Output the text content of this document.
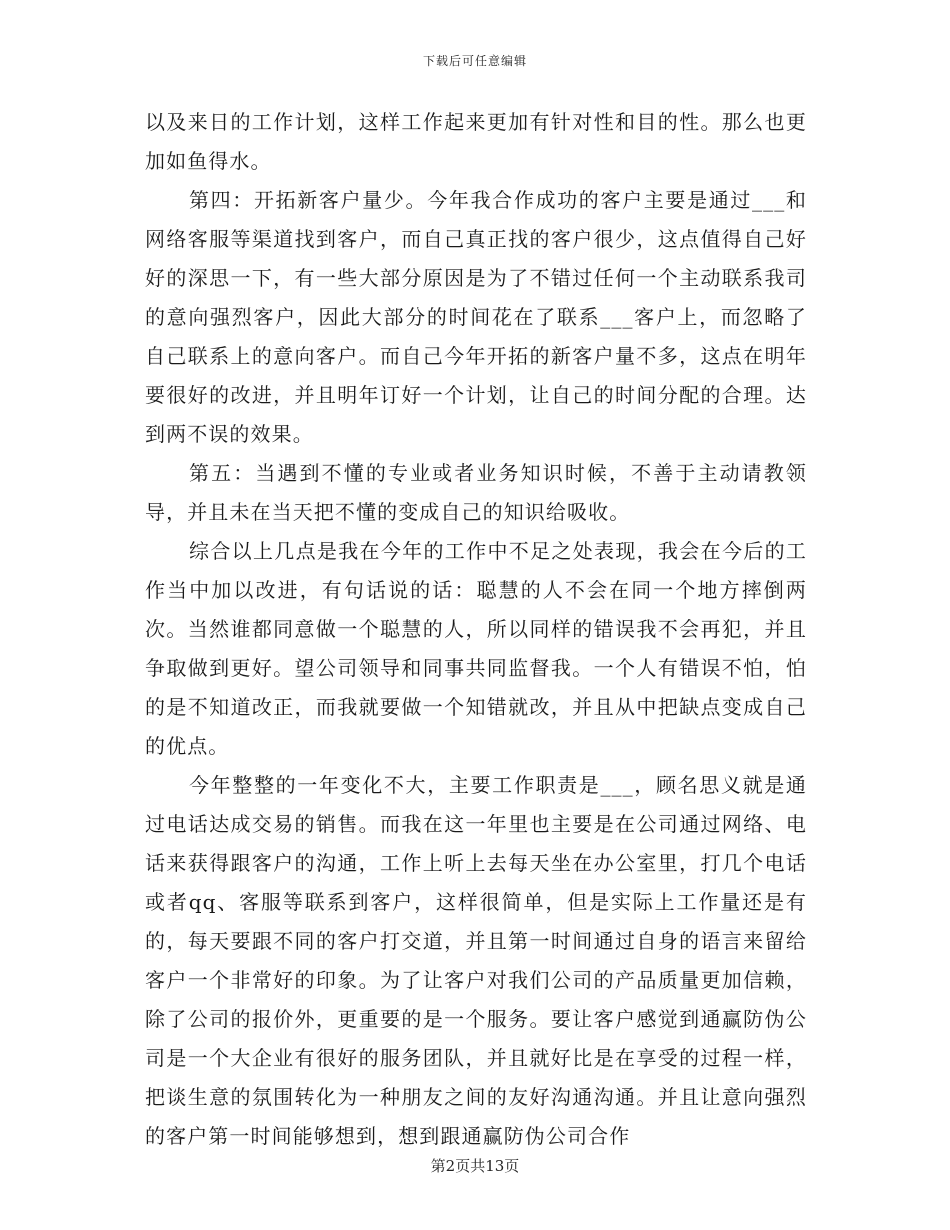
下载后可任意编辑

以及来日的工作计划，这样工作起来更加有针对性和目的性。那么也更加如鱼得水。

第四：开拓新客户量少。今年我合作成功的客户主要是通过___和网络客服等渠道找到客户，而自己真正找的客户很少，这点值得自己好好的深思一下，有一些大部分原因是为了不错过任何一个主动联系我司的意向强烈客户，因此大部分的时间花在了联系___客户上，而忽略了自己联系上的意向客户。而自己今年开拓的新客户量不多，这点在明年要很好的改进，并且明年订好一个计划，让自己的时间分配的合理。达到两不误的效果。

第五：当遇到不懂的专业或者业务知识时候，不善于主动请教领导，并且未在当天把不懂的变成自己的知识给吸收。

综合以上几点是我在今年的工作中不足之处表现，我会在今后的工作当中加以改进，有句话说的话：聪慧的人不会在同一个地方摔倒两次。当然谁都同意做一个聪慧的人，所以同样的错误我不会再犯，并且争取做到更好。望公司领导和同事共同监督我。一个人有错误不怕，怕的是不知道改正，而我就要做一个知错就改，并且从中把缺点变成自己的优点。

今年整整的一年变化不大，主要工作职责是___，顾名思义就是通过电话达成交易的销售。而我在这一年里也主要是在公司通过网络、电话来获得跟客户的沟通，工作上听上去每天坐在办公室里，打几个电话或者qq、客服等联系到客户，这样很简单，但是实际上工作量还是有的，每天要跟不同的客户打交道，并且第一时间通过自身的语言来留给客户一个非常好的印象。为了让客户对我们公司的产品质量更加信赖，除了公司的报价外，更重要的是一个服务。要让客户感觉到通赢防伪公司是一个大企业有很好的服务团队，并且就好比是在享受的过程一样，把谈生意的氛围转化为一种朋友之间的友好沟通沟通。并且让意向强烈的客户第一时间能够想到，想到跟通赢防伪公司合作

第2页共13页
